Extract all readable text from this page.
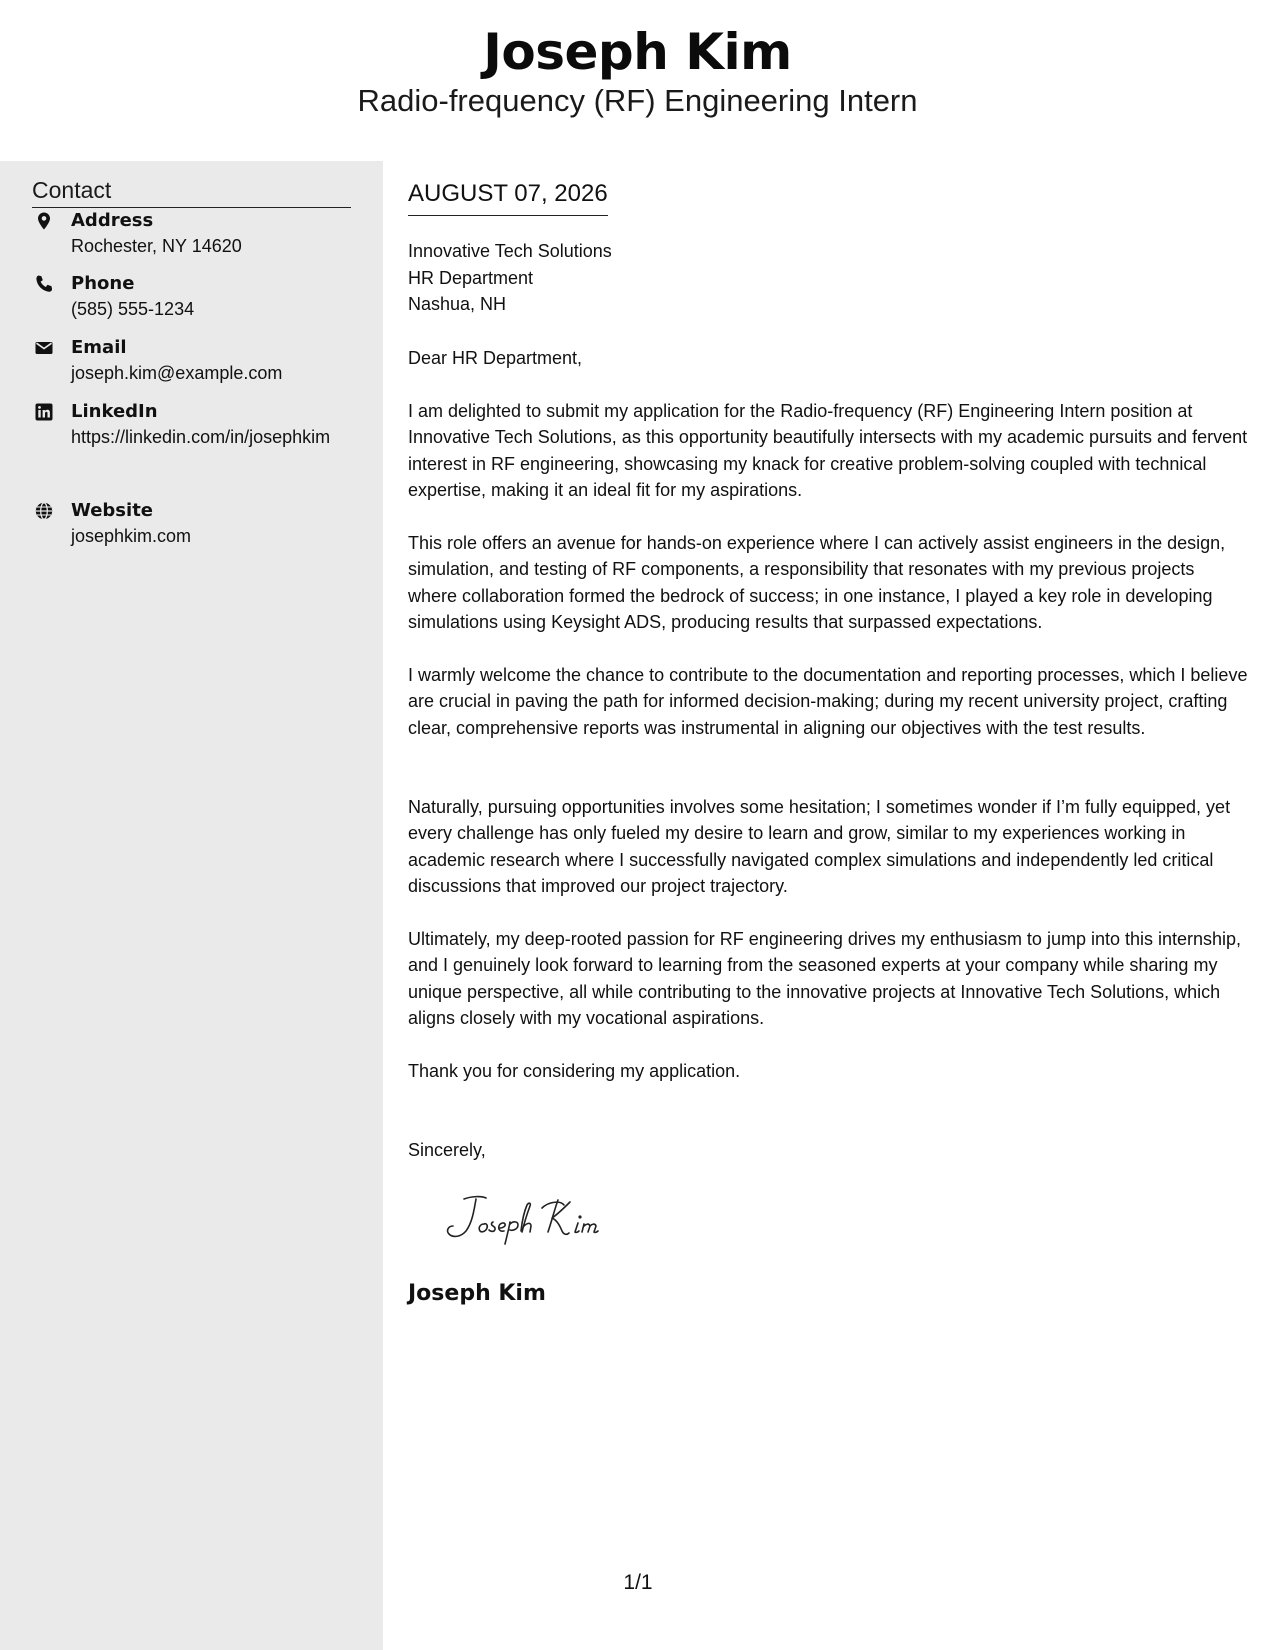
Joseph Kim
Radio-frequency (RF) Engineering Intern
Contact
Address
Rochester, NY 14620
Phone
(585) 555-1234
Email
joseph.kim@example.com
LinkedIn
https://linkedin.com/in/josephkim
Website
josephkim.com
AUGUST 07, 2026
Innovative Tech Solutions
HR Department
Nashua, NH

Dear HR Department,

I am delighted to submit my application for the Radio-frequency (RF) Engineering Intern position at Innovative Tech Solutions, as this opportunity beautifully intersects with my academic pursuits and fervent interest in RF engineering, showcasing my knack for creative problem-solving coupled with technical expertise, making it an ideal fit for my aspirations.

This role offers an avenue for hands-on experience where I can actively assist engineers in the design, simulation, and testing of RF components, a responsibility that resonates with my previous projects where collaboration formed the bedrock of success; in one instance, I played a key role in developing simulations using Keysight ADS, producing results that surpassed expectations.

I warmly welcome the chance to contribute to the documentation and reporting processes, which I believe are crucial in paving the path for informed decision-making; during my recent university project, crafting clear, comprehensive reports was instrumental in aligning our objectives with the test results.

Naturally, pursuing opportunities involves some hesitation; I sometimes wonder if I’m fully equipped, yet every challenge has only fueled my desire to learn and grow, similar to my experiences working in academic research where I successfully navigated complex simulations and independently led critical discussions that improved our project trajectory.

Ultimately, my deep-rooted passion for RF engineering drives my enthusiasm to jump into this internship, and I genuinely look forward to learning from the seasoned experts at your company while sharing my unique perspective, all while contributing to the innovative projects at Innovative Tech Solutions, which aligns closely with my vocational aspirations.

Thank you for considering my application.

Sincerely,

Joseph Kim
1/1
